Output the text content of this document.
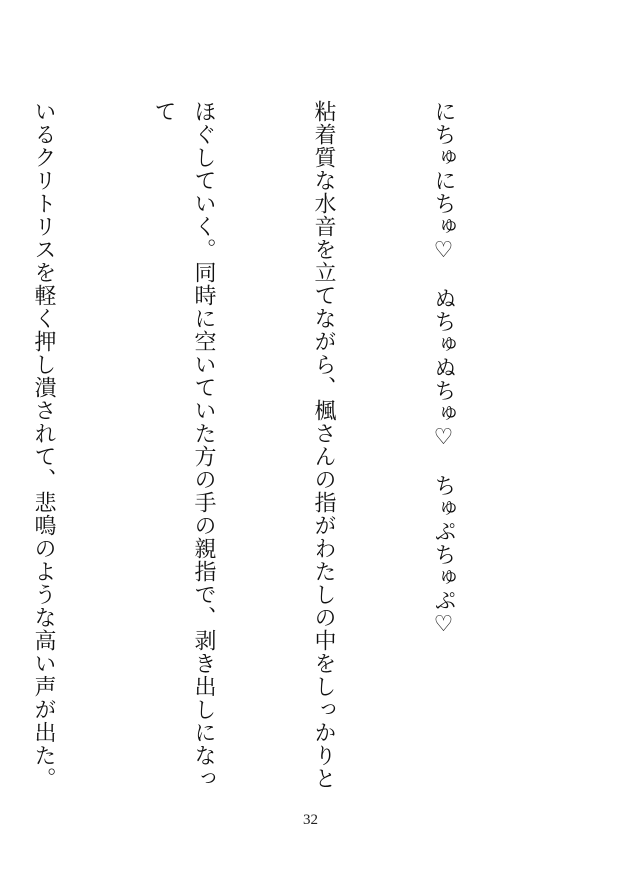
にちゅにちゅ♡　ぬちゅぬちゅ♡　ちゅぷちゅぷ♡

粘着質な水音を立てながら、楓さんの指がわたしの中をしっかりと

ほぐしていく。同時に空いていた方の手の親指で、剥き出しになって

いるクリトリスを軽く押し潰されて、悲鳴のような高い声が出た。

32
